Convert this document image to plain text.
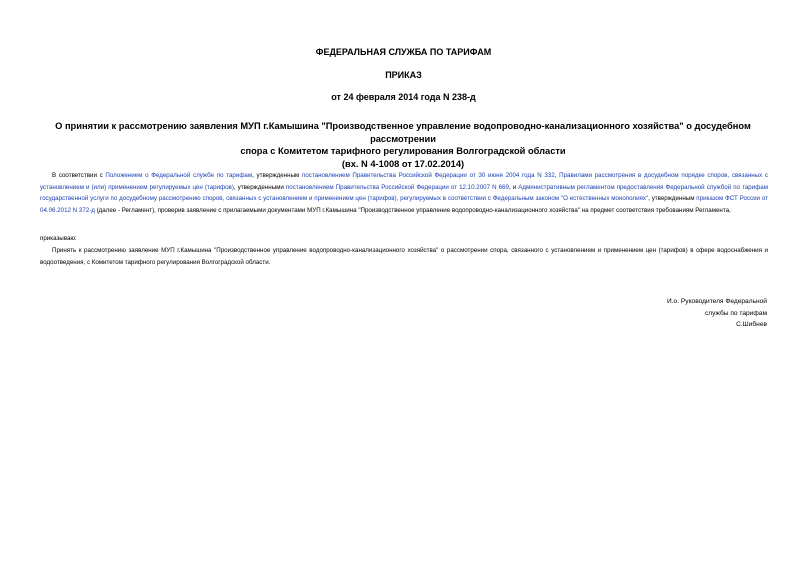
ФЕДЕРАЛЬНАЯ СЛУЖБА ПО ТАРИФАМ
ПРИКАЗ
от 24 февраля 2014 года N 238-д
О принятии к рассмотрению заявления МУП г.Камышина "Производственное управление водопроводно-канализационного хозяйства" о досудебном рассмотрении
спора с Комитетом тарифного регулирования Волгоградской области
(вх. N 4-1008 от 17.02.2014)
В соответствии с Положением о Федеральной службе по тарифам, утвержденным постановлением Правительства Российской Федерации от 30 июня 2004 года N 332, Правилами рассмотрения в досудебном порядке споров, связанных с установлением и (или) применением регулируемых цен (тарифов), утвержденными постановлением Правительства Российской Федерации от 12.10.2007 N 669, и Административным регламентом предоставления Федеральной службой по тарифам государственной услуги по досудебному рассмотрению споров, связанных с установлением и применением цен (тарифов), регулируемых в соответствии с Федеральным законом "О естественных монополиях", утвержденным приказом ФСТ России от 04.06.2012 N 372-д (далее - Регламент), проверив заявление с прилагаемыми документами МУП г.Камышина "Производственное управление водопроводно-канализационного хозяйства" на предмет соответствия требованиям Регламента,
приказываю:
Принять к рассмотрению заявление МУП г.Камышина "Производственное управление водопроводно-канализационного хозяйства" о рассмотрении спора, связанного с установлением и применением цен (тарифов) в сфере водоснабжения и водоотведения, с Комитетом тарифного регулирования Волгоградской области.
И.о. Руководителя Федеральной
службы по тарифам
С.Шибнев
